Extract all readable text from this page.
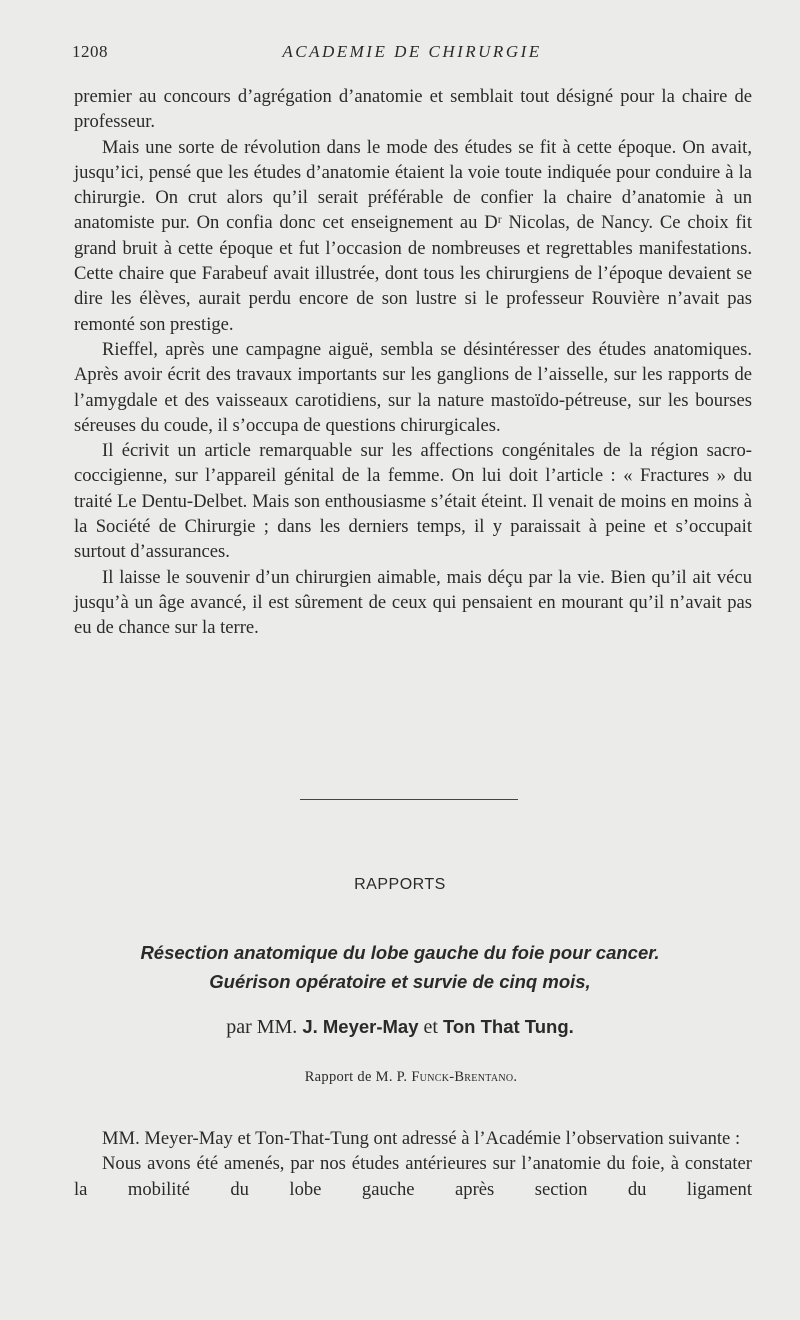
1208	ACADEMIE DE CHIRURGIE

premier au concours d’agrégation d’anatomie et semblait tout désigné pour la chaire de professeur.

Mais une sorte de révolution dans le mode des études se fit à cette époque. On avait, jusqu’ici, pensé que les études d’anatomie étaient la voie toute indiquée pour conduire à la chirurgie. On crut alors qu’il serait préférable de confier la chaire d’anatomie à un anatomiste pur. On confia donc cet enseignement au Dʳ Nicolas, de Nancy. Ce choix fit grand bruit à cette époque et fut l’occasion de nombreuses et regrettables manifestations. Cette chaire que Farabeuf avait illustrée, dont tous les chirurgiens de l’époque devaient se dire les élèves, aurait perdu encore de son lustre si le professeur Rouvière n’avait pas remonté son prestige.

Rieffel, après une campagne aiguë, sembla se désintéresser des études anatomiques. Après avoir écrit des travaux importants sur les ganglions de l’aisselle, sur les rapports de l’amygdale et des vaisseaux carotidiens, sur la nature mastoïdo-pétreuse, sur les bourses séreuses du coude, il s’occupa de questions chirurgicales.

Il écrivit un article remarquable sur les affections congénitales de la région sacro-coccigienne, sur l’appareil génital de la femme. On lui doit l’article : « Fractures » du traité Le Dentu-Delbet. Mais son enthousiasme s’était éteint. Il venait de moins en moins à la Société de Chirurgie ; dans les derniers temps, il y paraissait à peine et s’occupait surtout d’assurances.

Il laisse le souvenir d’un chirurgien aimable, mais déçu par la vie. Bien qu’il ait vécu jusqu’à un âge avancé, il est sûrement de ceux qui pensaient en mourant qu’il n’avait pas eu de chance sur la terre.

RAPPORTS
Résection anatomique du lobe gauche du foie pour cancer.
Guérison opératoire et survie de cinq mois,
par MM. J. Meyer-May et Ton That Tung.
Rapport de M. P. Funck-Brentano.

MM. Meyer-May et Ton-That-Tung ont adressé à l’Académie l’observation suivante :

Nous avons été amenés, par nos études antérieures sur l’anatomie du foie, à constater la mobilité du lobe gauche après section du ligament
